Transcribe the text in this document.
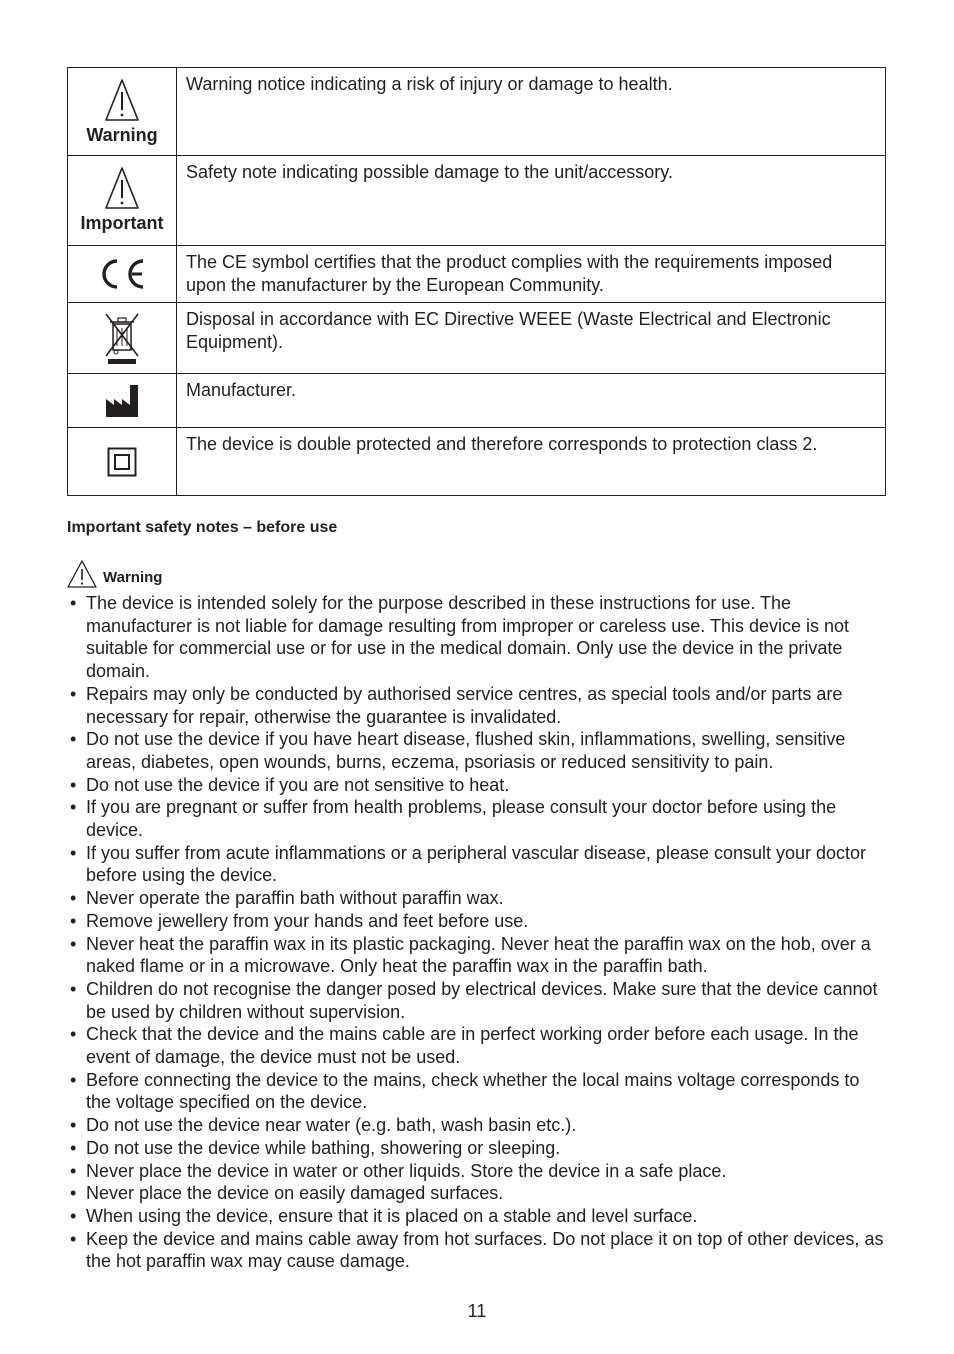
Warning	Warning notice indicating a risk of injury or damage to health.

Important	Safety note indicating possible damage to the unit/accessory.

	The CE symbol certifies that the product complies with the requirements imposed upon the manufacturer by the European Community.

	Disposal in accordance with EC Directive WEEE (Waste Electrical and Electronic Equipment).

	Manufacturer.

	The device is double protected and therefore corresponds to protection class 2.
Important safety notes – before use
Warning
• The device is intended solely for the purpose described in these instructions for use. The manufacturer is not liable for damage resulting from improper or careless use. This device is not suitable for commercial use or for use in the medical domain. Only use the device in the private domain.
• Repairs may only be conducted by authorised service centres, as special tools and/or parts are necessary for repair, otherwise the guarantee is invalidated.
• Do not use the device if you have heart disease, flushed skin, inflammations, swelling, sensitive areas, diabetes, open wounds, burns, eczema, psoriasis or reduced sensitivity to pain.
• Do not use the device if you are not sensitive to heat.
• If you are pregnant or suffer from health problems, please consult your doctor before using the device.
• If you suffer from acute inflammations or a peripheral vascular disease, please consult your doctor before using the device.
• Never operate the paraffin bath without paraffin wax.
• Remove jewellery from your hands and feet before use.
• Never heat the paraffin wax in its plastic packaging. Never heat the paraffin wax on the hob, over a naked flame or in a microwave. Only heat the paraffin wax in the paraffin bath.
• Children do not recognise the danger posed by electrical devices. Make sure that the device cannot be used by children without supervision.
• Check that the device and the mains cable are in perfect working order before each usage. In the event of damage, the device must not be used.
• Before connecting the device to the mains, check whether the local mains voltage corresponds to the voltage specified on the device.
• Do not use the device near water (e.g. bath, wash basin etc.).
• Do not use the device while bathing, showering or sleeping.
• Never place the device in water or other liquids. Store the device in a safe place.
• Never place the device on easily damaged surfaces.
• When using the device, ensure that it is placed on a stable and level surface.
• Keep the device and mains cable away from hot surfaces. Do not place it on top of other devices, as the hot paraffin wax may cause damage.
11
